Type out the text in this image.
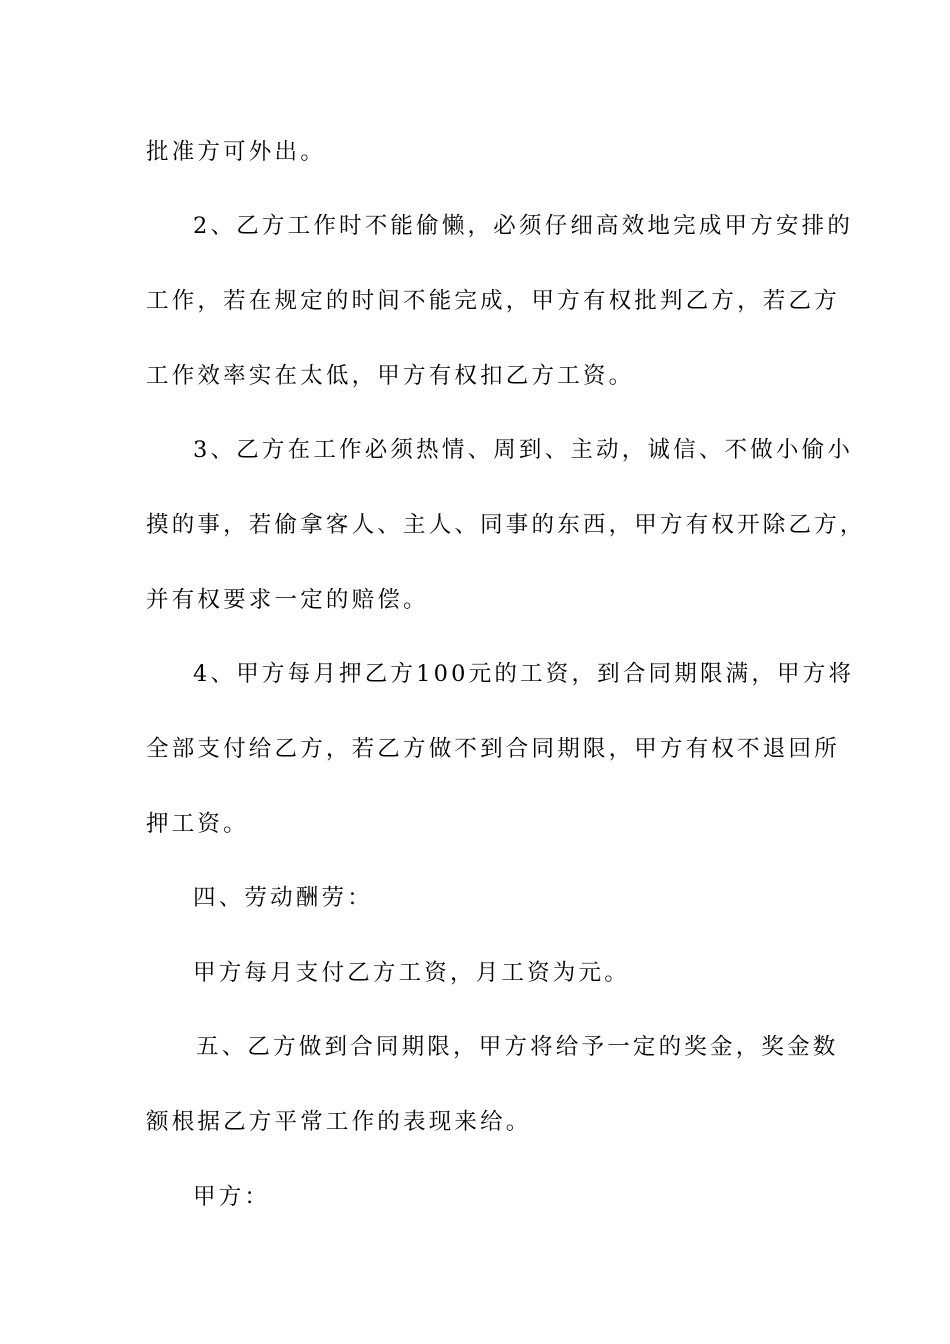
批准方可外出。
2、乙方工作时不能偷懒，必须仔细高效地完成甲方安排的
工作，若在规定的时间不能完成，甲方有权批判乙方，若乙方
工作效率实在太低，甲方有权扣乙方工资。
3、乙方在工作必须热情、周到、主动，诚信、不做小偷小
摸的事，若偷拿客人、主人、同事的东西，甲方有权开除乙方，
并有权要求一定的赔偿。
4、甲方每月押乙方100元的工资，到合同期限满，甲方将
全部支付给乙方，若乙方做不到合同期限，甲方有权不退回所
押工资。
四、劳动酬劳：
甲方每月支付乙方工资，月工资为元。
五、乙方做到合同期限，甲方将给予一定的奖金，奖金数
额根据乙方平常工作的表现来给。
甲方：
